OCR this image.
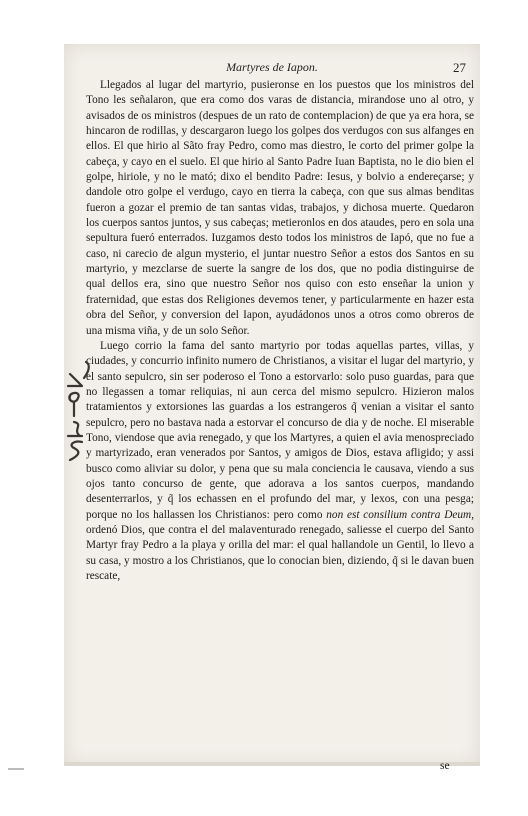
Martyres de Iapon.	27

Llegados al lugar del martyrio, pusieronse en los puestos que los ministros del Tono les señalaron, que era como dos varas de distancia, mirandose uno al otro, y avisados de os ministros (despues de un rato de contemplacion) de que ya era hora, se hincaron de rodillas, y descargaron luego los golpes dos verdugos con sus alfanges en ellos. El que hirio al Sãto fray Pedro, como mas diestro, le corto del primer golpe la cabeça, y cayo en el suelo. El que hirio al Santo Padre Iuan Baptista, no le dio bien el golpe, hiriole, y no le mató; dixo el bendito Padre: Iesus, y bolvio a endereçarse; y dandole otro golpe el verdugo, cayo en tierra la cabeça, con que sus almas benditas fueron a gozar el premio de tan santas vidas, trabajos, y dichosa muerte. Quedaron los cuerpos santos juntos, y sus cabeças; metieronlos en dos ataudes, pero en sola una sepultura fueró enterrados. Iuzgamos desto todos los ministros de Iapó, que no fue a caso, ni carecio de algun mysterio, el juntar nuestro Señor a estos dos Santos en su martyrio, y mezclarse de suerte la sangre de los dos, que no podia distinguirse de qual dellos era, sino que nuestro Señor nos quiso con esto enseñar la union y fraternidad, que estas dos Religiones devemos tener, y particularmente en hazer esta obra del Señor, y conversion del Iapon, ayudádonos unos a otros como obreros de una misma viña, y de un solo Señor.

Luego corrio la fama del santo martyrio por todas aquellas partes, villas, y ciudades, y concurrio infinito numero de Christianos, a visitar el lugar del martyrio, y el santo sepulcro, sin ser poderoso el Tono a estorvarlo: solo puso guardas, para que no llegassen a tomar reliquias, ni aun cerca del mismo sepulcro. Hizieron malos tratamientos y extorsiones las guardas a los estrangeros q̃ venian a visitar el santo sepulcro, pero no bastava nada a estorvar el concurso de dia y de noche. El miserable Tono, viendose que avia renegado, y que los Martyres, a quien el avia menospreciado y martyrizado, eran venerados por Santos, y amigos de Dios, estava afligido; y assi busco como aliviar su dolor, y pena que su mala conciencia le causava, viendo a sus ojos tanto concurso de gente, que adorava a los santos cuerpos, mandando desenterrarlos, y q̃ los echassen en el profundo del mar, y lexos, con una pesga; porque no los hallassen los Christianos: pero como non est consilium contra Deum, ordenó Dios, que contra el del malaventurado renegado, saliesse el cuerpo del Santo Martyr fray Pedro a la playa y orilla del mar: el qual hallandole un Gentil, lo llevo a su casa, y mostro a los Christianos, que lo conocian bien, diziendo, q̃ si le davan buen rescate,

se
